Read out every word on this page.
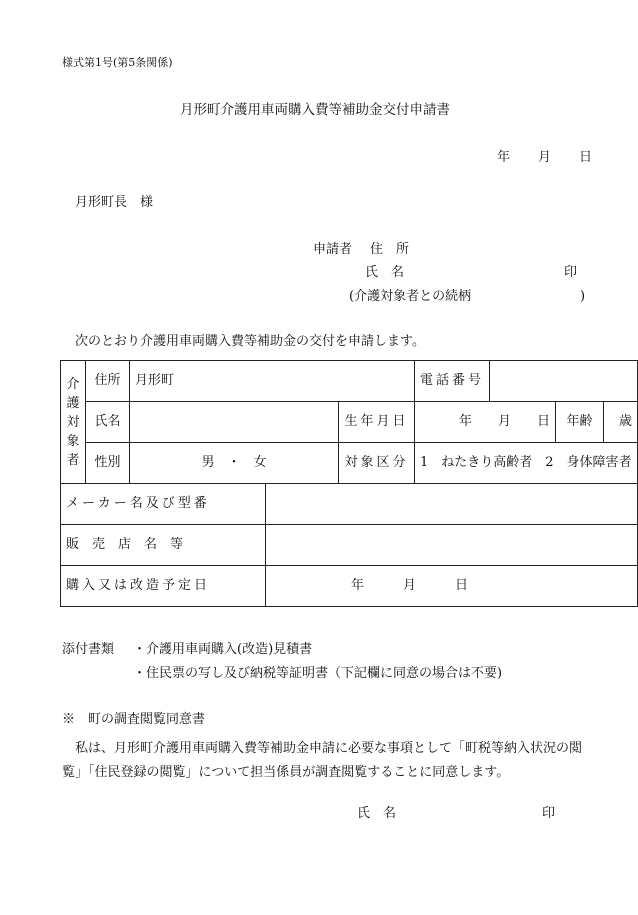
様式第1号(第5条関係)
月形町介護用車両購入費等補助金交付申請書
年 月 日
月形町長　様
申請者 住　所
氏　名	印
(介護対象者との続柄	)
次のとおり介護用車両購入費等補助金の交付を申請します。
介護対象者	住所	月形町			電話番号			
	氏名			生年月日	年　　月　　日		年齢	歳
	性別	男　・　女		対象区分	1　ねたきり高齢者　2　身体障害者			
メーカー名及び型番								
販売店名等								
購入又は改造予定日			年　　　月　　　日					
添付書類 ・介護用車両購入(改造)見積書
・住民票の写し及び納税等証明書（下記欄に同意の場合は不要)
※　町の調査閲覧同意書
　私は、月形町介護用車両購入費等補助金申請に必要な事項として「町税等納入状況の閲覧」「住民登録の閲覧」について担当係員が調査閲覧することに同意します。
氏　名	印
